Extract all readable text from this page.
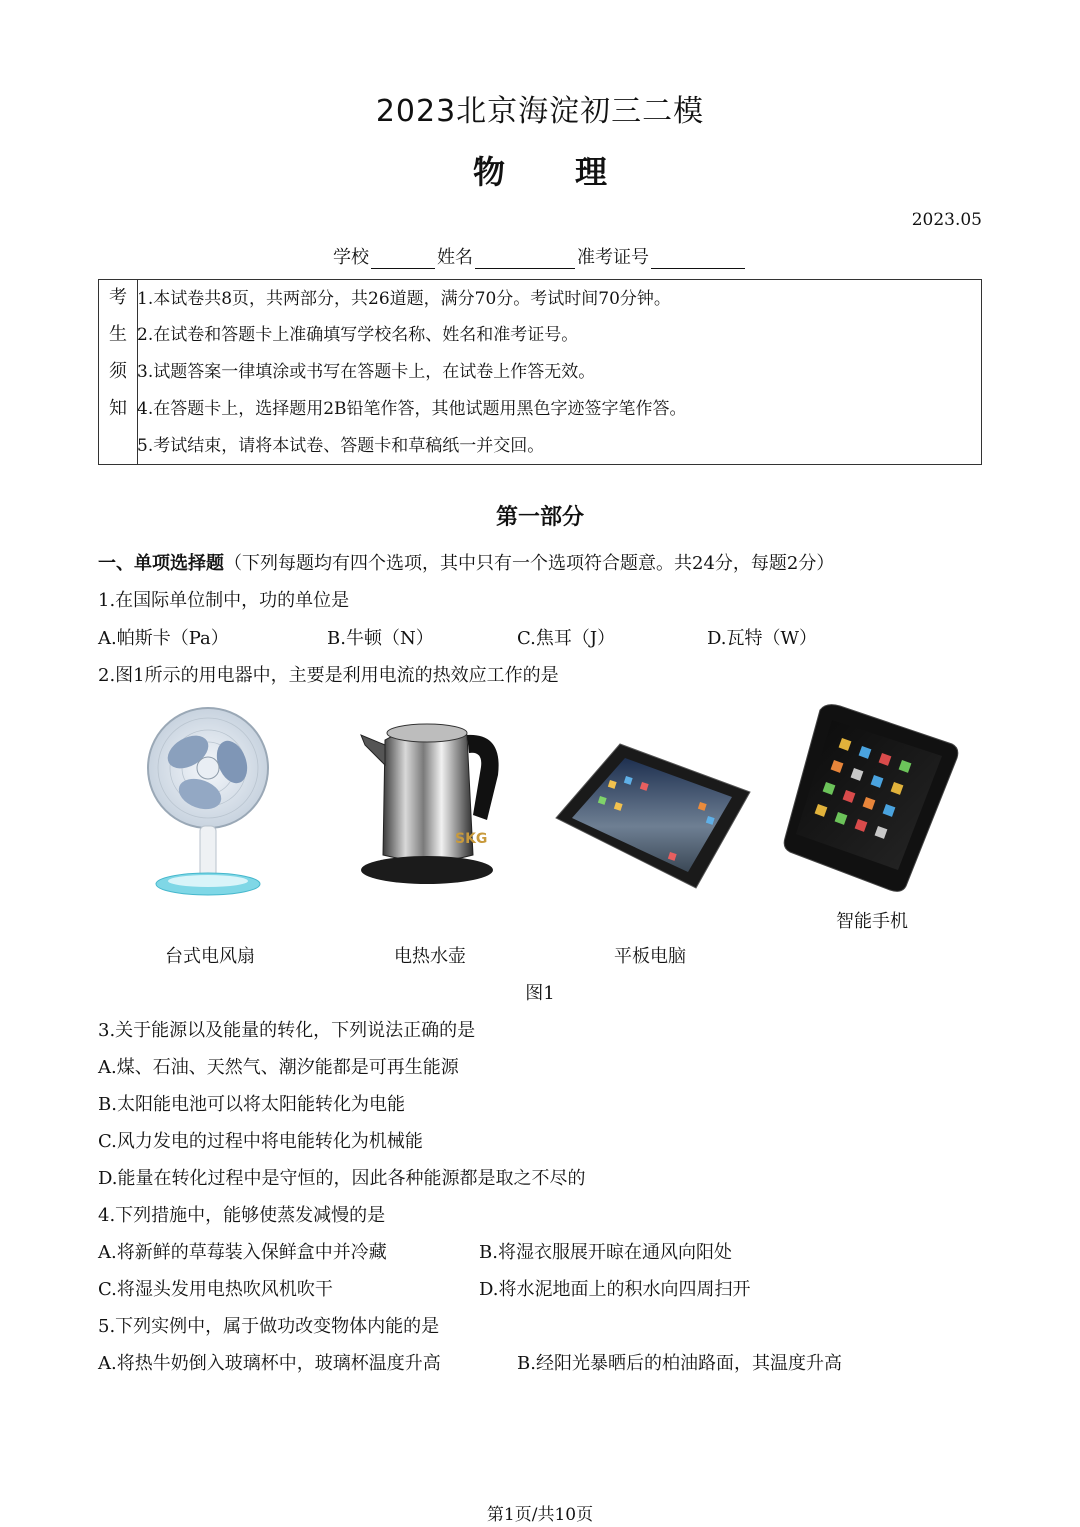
2023北京海淀初三二模
物理
2023.05
学校	姓名	准考证号
考
生
须
知
1.本试卷共8页，共两部分，共26道题，满分70分。考试时间70分钟。
2.在试卷和答题卡上准确填写学校名称、姓名和准考证号。
3.试题答案一律填涂或书写在答题卡上，在试卷上作答无效。
4.在答题卡上，选择题用2B铅笔作答，其他试题用黑色字迹签字笔作答。
5.考试结束，请将本试卷、答题卡和草稿纸一并交回。
第一部分
一、单项选择题（下列每题均有四个选项，其中只有一个选项符合题意。共24分，每题2分）
1.在国际单位制中，功的单位是
A.帕斯卡（Pa）	B.牛顿（N）	C.焦耳（J）	D.瓦特（W）
2.图1所示的用电器中，主要是利用电流的热效应工作的是
SKG
台式电风扇	电热水壶	平板电脑
智能手机
图1
3.关于能源以及能量的转化，下列说法正确的是
A.煤、石油、天然气、潮汐能都是可再生能源
B.太阳能电池可以将太阳能转化为电能
C.风力发电的过程中将电能转化为机械能
D.能量在转化过程中是守恒的，因此各种能源都是取之不尽的
4.下列措施中，能够使蒸发减慢的是
A.将新鲜的草莓装入保鲜盒中并冷藏	B.将湿衣服展开晾在通风向阳处
C.将湿头发用电热吹风机吹干	D.将水泥地面上的积水向四周扫开
5.下列实例中，属于做功改变物体内能的是
A.将热牛奶倒入玻璃杯中，玻璃杯温度升高	B.经阳光暴晒后的柏油路面，其温度升高
第1页/共10页
